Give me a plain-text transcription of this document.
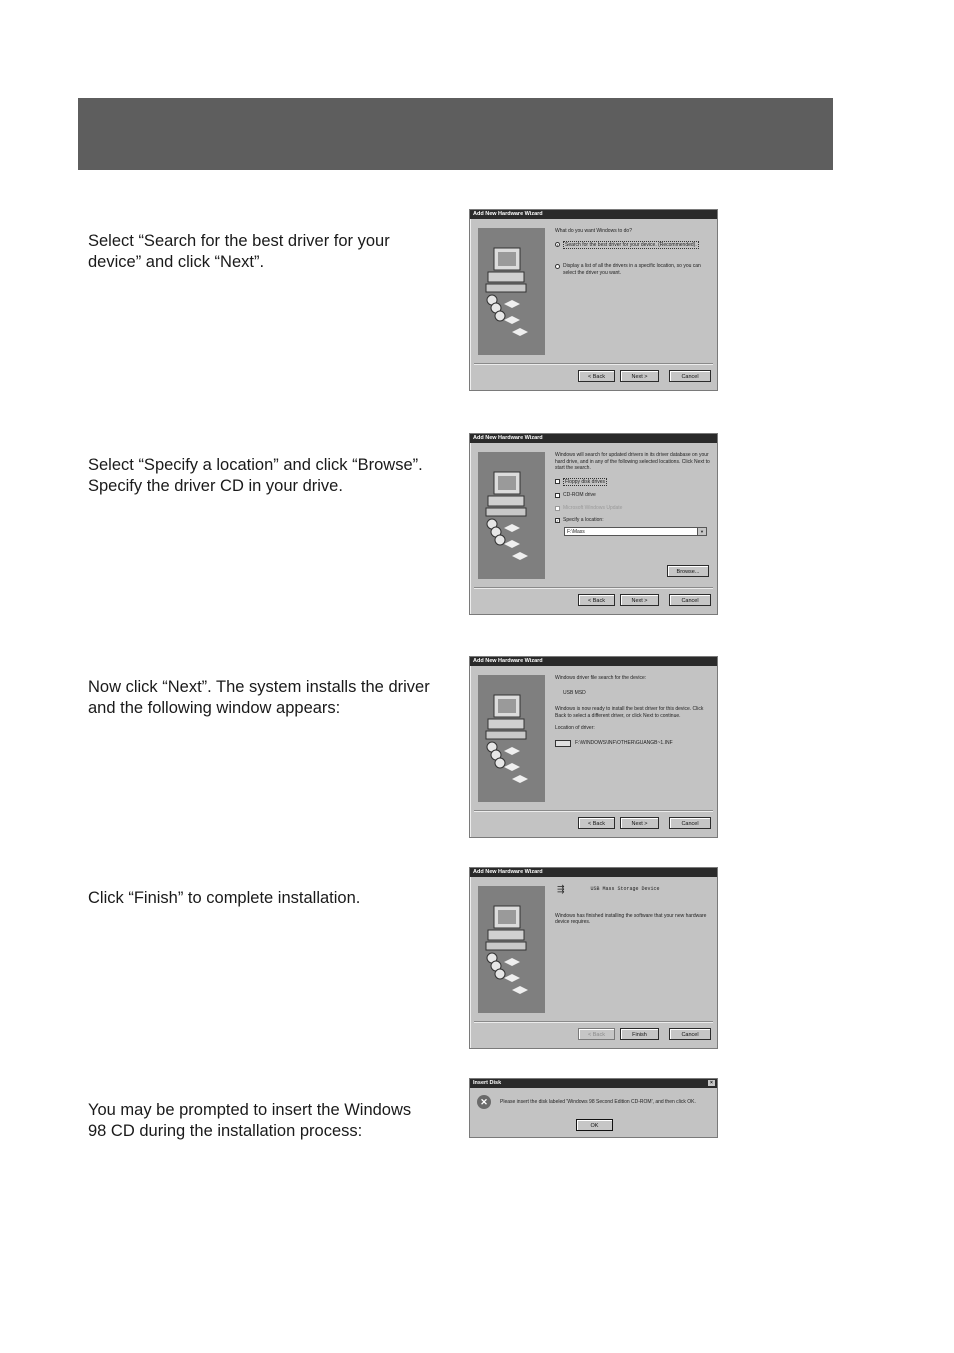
Select “Search for the best driver for your device” and click “Next”.
Select “Specify a location” and click “Browse”. Specify the driver CD in your drive.
Now click “Next”. The system installs the driver and the following window appears:
Click “Finish” to complete installation.
You may be prompted to insert the Windows 98 CD during the installation process:
Add New Hardware Wizard
What do you want Windows to do?
•	Search for the best driver for your device. (Recommended).
Display a list of all the drivers in a specific location, so you can select the driver you want.
< Back	Next >	Cancel
Add New Hardware Wizard
Windows will search for updated drivers in its driver database on your hard drive, and in any of the following selected locations. Click Next to start the search.
Floppy disk drives
CD-ROM drive
Microsoft Windows Update
✓ Specify a location:
F:\Mass	▼
Browse...
< Back	Next >	Cancel
Add New Hardware Wizard
Windows driver file search for the device:
USB MSD
Windows is now ready to install the best driver for this device. Click Back to select a different driver, or click Next to continue.
Location of driver:
F:\WINDOWS\INF\OTHER\GUANGB~1.INF
< Back	Next >	Cancel
Add New Hardware Wizard
⇶	USB Mass Storage Device
Windows has finished installing the software that your new hardware device requires.
< Back	Finish	Cancel
Insert Disk	×
✕	Please insert the disk labeled 'Windows 98 Second Edition CD-ROM', and then click OK.
OK
